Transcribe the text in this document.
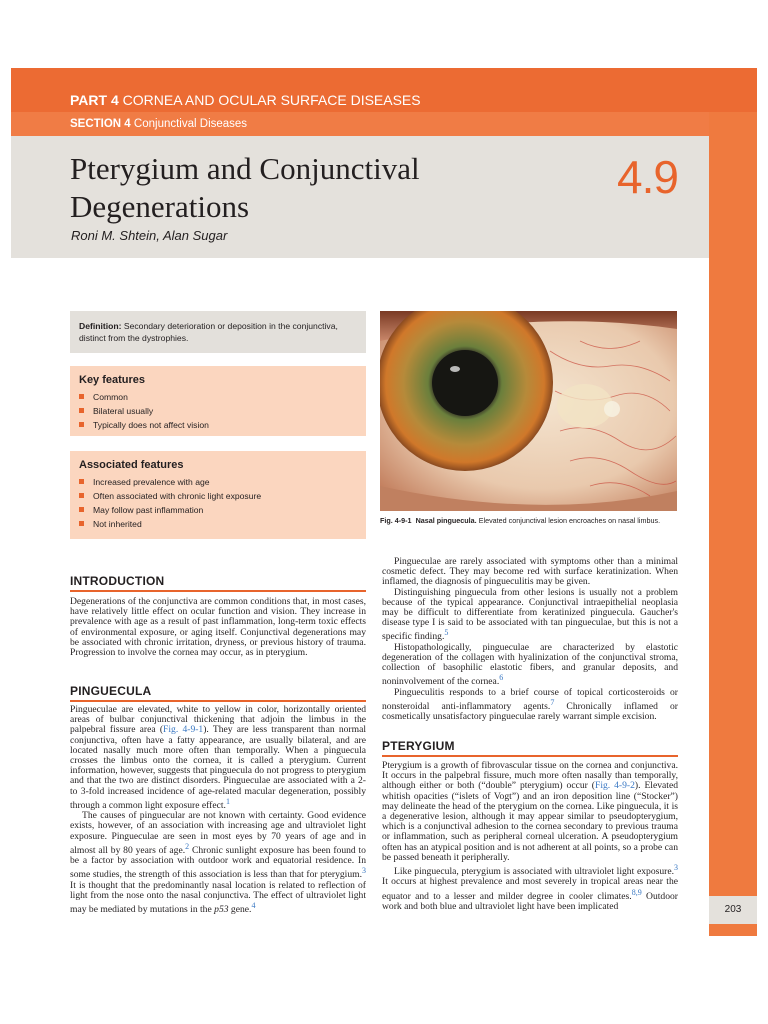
PART 4 CORNEA AND OCULAR SURFACE DISEASES
SECTION 4 Conjunctival Diseases
Pterygium and Conjunctival Degenerations
4.9
Roni M. Shtein, Alan Sugar
Definition: Secondary deterioration or deposition in the conjunctiva, distinct from the dystrophies.
Key features
Common
Bilateral usually
Typically does not affect vision
Associated features
Increased prevalence with age
Often associated with chronic light exposure
May follow past inflammation
Not inherited	Fig. 4-9-1 Nasal pinguecula. Elevated conjunctival lesion encroaches on nasal limbus.
INTRODUCTION

Degenerations of the conjunctiva are common conditions that, in most cases, have relatively little effect on ocular function and vision. They increase in prevalence with age as a result of past inflammation, long-term toxic effects of environmental exposure, or aging itself. Conjunctival degenerations may be associated with chronic irritation, dryness, or previous history of trauma. Progression to involve the cornea may occur, as in pterygium.

PINGUECULA

Pingueculae are elevated, white to yellow in color, horizontally oriented areas of bulbar conjunctival thickening that adjoin the limbus in the palpebral fissure area (Fig. 4-9-1). They are less transparent than normal conjunctiva, often have a fatty appearance, are usually bilateral, and are located nasally much more often than temporally. When a pinguecula crosses the limbus onto the cornea, it is called a pterygium. Current information, however, suggests that pinguecula do not progress to pterygium and that the two are distinct disorders. Pingueculae are associated with a 2- to 3-fold increased incidence of age-related macular degeneration, possibly through a common light exposure effect.$^1$

The causes of pinguecular are not known with certainty. Good evidence exists, however, of an association with increasing age and ultraviolet light exposure. Pingueculae are seen in most eyes by 70 years of age and in almost all by 80 years of age.$^2$ Chronic sunlight exposure has been found to be a factor by association with outdoor work and equatorial residence. In some studies, the strength of this association is less than that for pterygium.$^3$ It is thought that the predominantly nasal location is related to reflection of light from the nose onto the nasal conjunctiva. The effect of ultraviolet light may be mediated by mutations in the p53 gene.$^4$

Pingueculae are rarely associated with symptoms other than a minimal cosmetic defect. They may become red with surface keratinization. When inflamed, the diagnosis of pingueculitis may be given.

Distinguishing pinguecula from other lesions is usually not a problem because of the typical appearance. Conjunctival intraepithelial neoplasia may be difficult to differentiate from keratinized pinguecula. Gaucher's disease type I is said to be associated with tan pingueculae, but this is not a specific finding.$^5$

Histopathologically, pingueculae are characterized by elastotic degeneration of the collagen with hyalinization of the conjunctival stroma, collection of basophilic elastotic fibers, and granular deposits, and noninvolvement of the cornea.$^6$

Pingueculitis responds to a brief course of topical corticosteroids or nonsteroidal anti-inflammatory agents.$^7$ Chronically inflamed or cosmetically unsatisfactory pingueculae rarely warrant simple excision.

PTERYGIUM

Pterygium is a growth of fibrovascular tissue on the cornea and conjunctiva. It occurs in the palpebral fissure, much more often nasally than temporally, although either or both (“double” pterygium) occur (Fig. 4-9-2). Elevated whitish opacities (“islets of Vogt”) and an iron deposition line (“Stocker”) may delineate the head of the pterygium on the cornea. Like pinguecula, it is a degenerative lesion, although it may appear similar to pseudopterygium, which is a conjunctival adhesion to the cornea secondary to previous trauma or inflammation, such as peripheral corneal ulceration. A pseudopterygium often has an atypical position and is not adherent at all points, so a probe can be passed beneath it peripherally.

Like pinguecula, pterygium is associated with ultraviolet light exposure.$^3$ It occurs at highest prevalence and most severely in tropical areas near the equator and to a lesser and milder degree in cooler climates.$^{8,9}$ Outdoor work and both blue and ultraviolet light have been implicated	203
